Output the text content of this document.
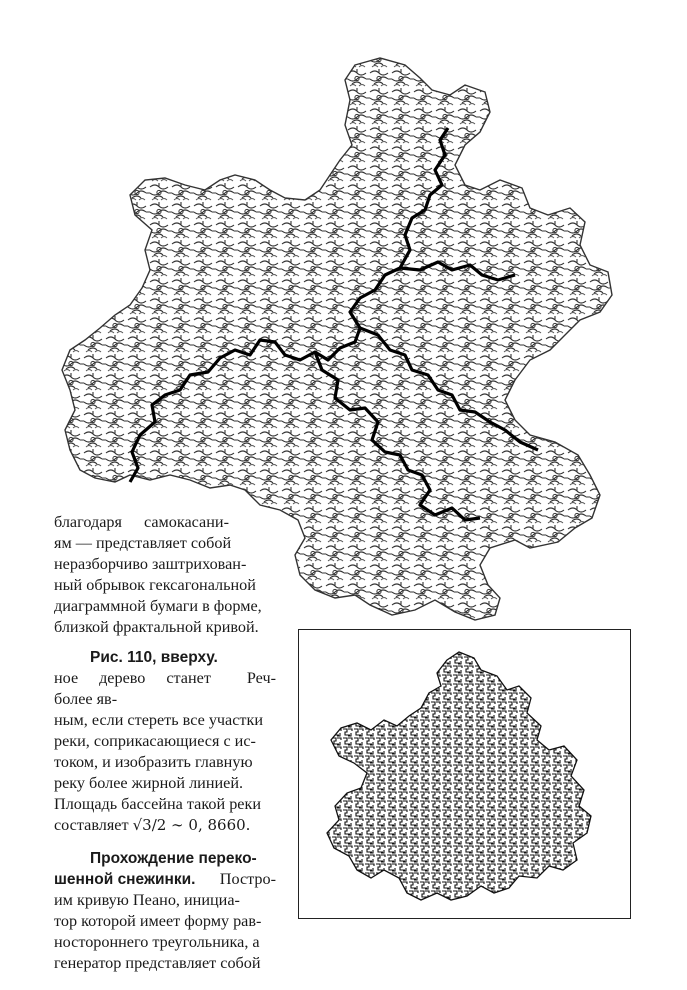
благодаря самокасани-

ям — представляет собой

неразборчиво заштрихован-

ный обрывок гексагональной

диаграммной бумаги в форме,

близкой фрактальной кривой.

Рис. 110, вверху.
Реч-

ное дерево станет более яв-

ным, если стереть все участки

реки, соприкасающиеся с ис-

током, и изобразить главную

реку более жирной линией.

Площадь бассейна такой реки

составляет √3/2 ∼ 0, 8660.

Прохождение переко-

шенной снежинки. Постро-

им кривую Пеано, инициа-

тор которой имеет форму рав-

ностороннего треугольника, а

генератор представляет собой
